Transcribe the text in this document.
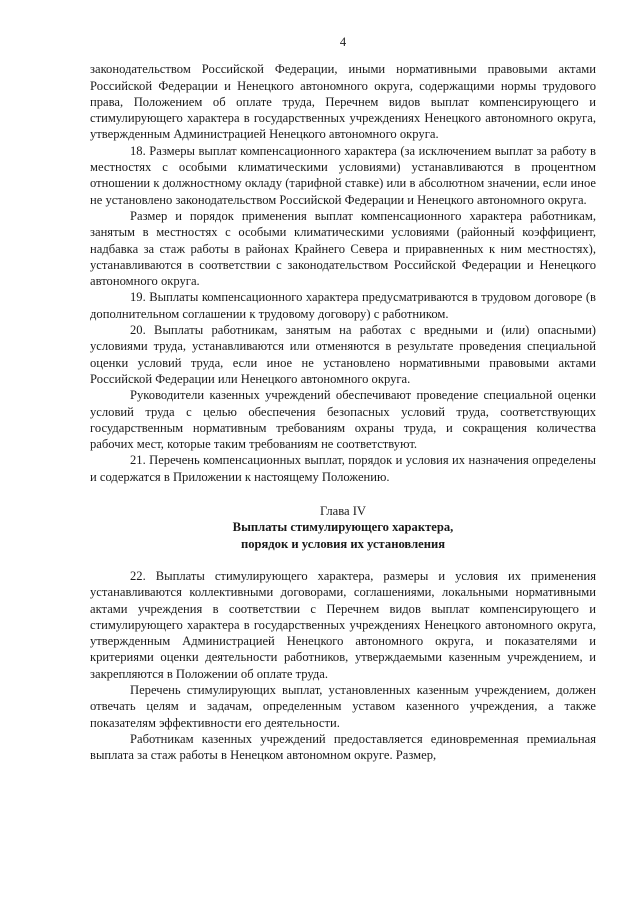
4

законодательством Российской Федерации, иными нормативными правовыми актами Российской Федерации и Ненецкого автономного округа, содержащими нормы трудового права, Положением об оплате труда, Перечнем видов выплат компенсирующего и стимулирующего характера в государственных учреждениях Ненецкого автономного округа, утвержденным Администрацией Ненецкого автономного округа.

18. Размеры выплат компенсационного характера (за исключением выплат за работу в местностях с особыми климатическими условиями) устанавливаются в процентном отношении к должностному окладу (тарифной ставке) или в абсолютном значении, если иное не установлено законодательством Российской Федерации и Ненецкого автономного округа.

Размер и порядок применения выплат компенсационного характера работникам, занятым в местностях с особыми климатическими условиями (районный коэффициент, надбавка за стаж работы в районах Крайнего Севера и приравненных к ним местностях), устанавливаются в соответствии с законодательством Российской Федерации и Ненецкого автономного округа.

19. Выплаты компенсационного характера предусматриваются в трудовом договоре (в дополнительном соглашении к трудовому договору) с работником.

20. Выплаты работникам, занятым на работах с вредными и (или) опасными) условиями труда, устанавливаются или отменяются в результате проведения специальной оценки условий труда, если иное не установлено нормативными правовыми актами Российской Федерации или Ненецкого автономного округа.

Руководители казенных учреждений обеспечивают проведение специальной оценки условий труда с целью обеспечения безопасных условий труда, соответствующих государственным нормативным требованиям охраны труда, и сокращения количества рабочих мест, которые таким требованиям не соответствуют.

21. Перечень компенсационных выплат, порядок и условия их назначения определены и содержатся в Приложении к настоящему Положению.

Глава IV
Выплаты стимулирующего характера,
порядок и условия их установления

22. Выплаты стимулирующего характера, размеры и условия их применения устанавливаются коллективными договорами, соглашениями, локальными нормативными актами учреждения в соответствии с Перечнем видов выплат компенсирующего и стимулирующего характера в государственных учреждениях Ненецкого автономного округа, утвержденным Администрацией Ненецкого автономного округа, и показателями и критериями оценки деятельности работников, утверждаемыми казенным учреждением, и закрепляются в Положении об оплате труда.

Перечень стимулирующих выплат, установленных казенным учреждением, должен отвечать целям и задачам, определенным уставом казенного учреждения, а также показателям эффективности его деятельности.

Работникам казенных учреждений предоставляется единовременная премиальная выплата за стаж работы в Ненецком автономном округе. Размер,
